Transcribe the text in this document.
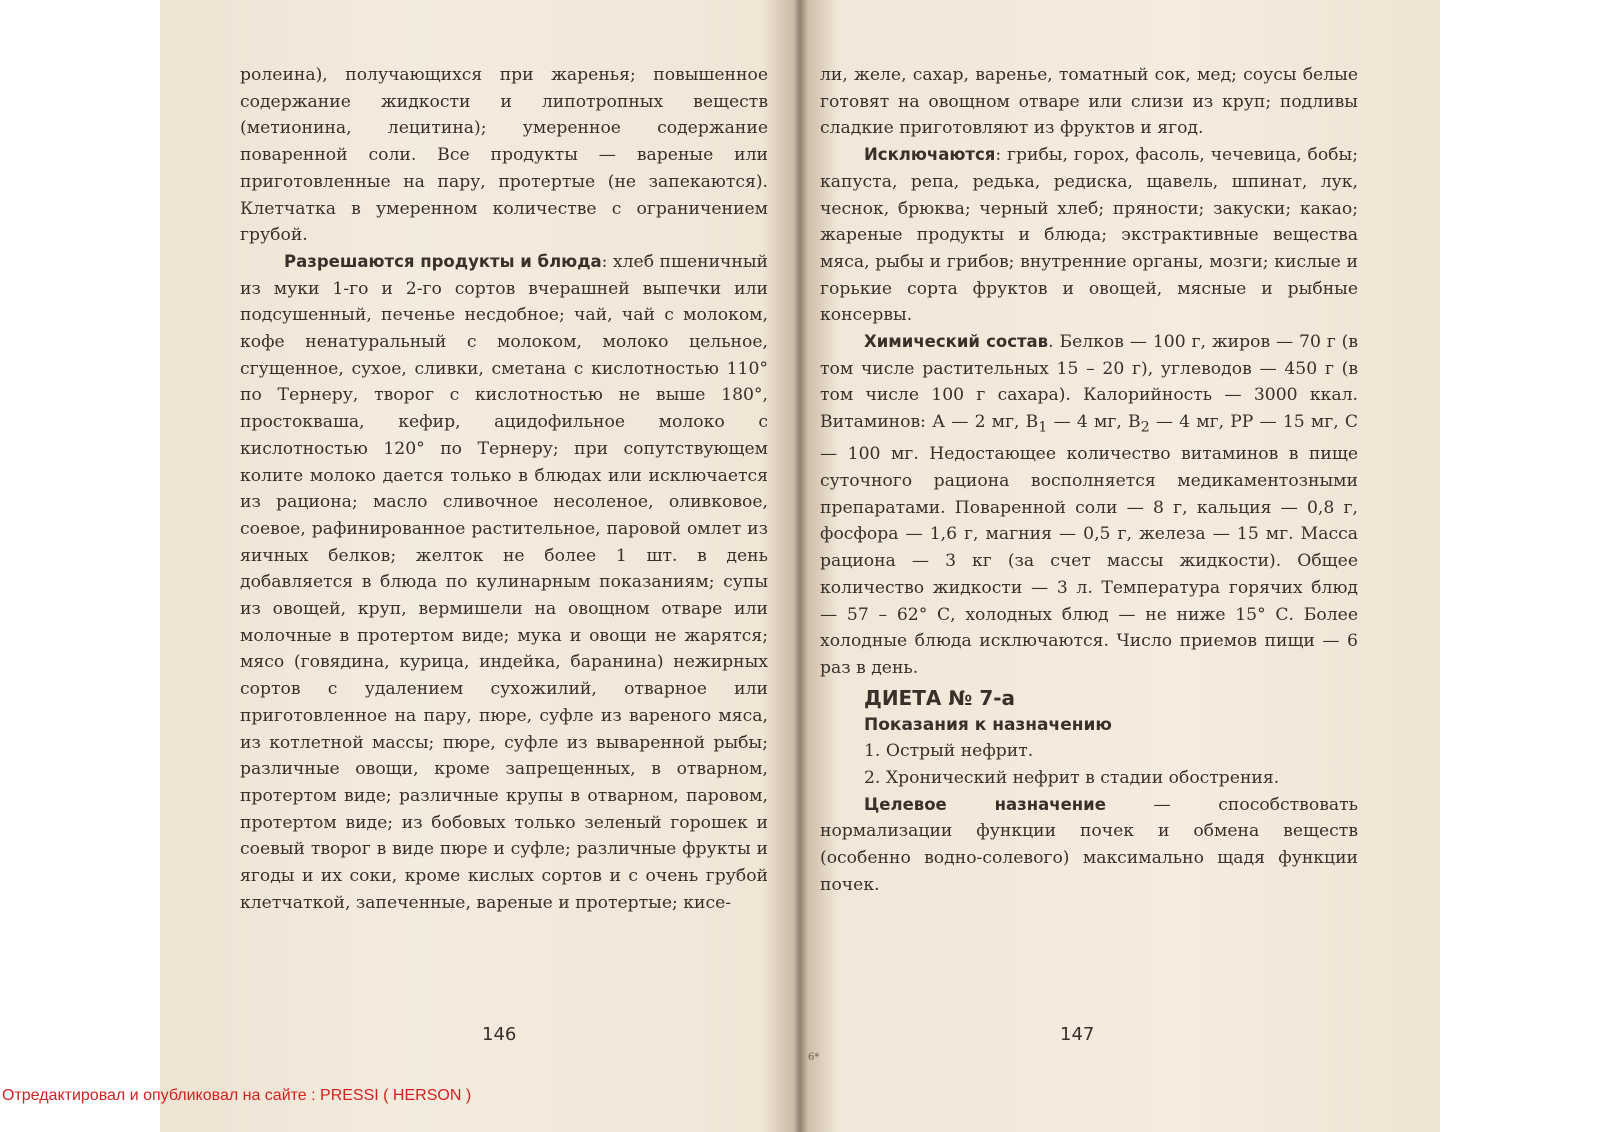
ролеина), получающихся при жаренья; повышенное содержание жидкости и липотропных веществ (метионина, лецитина); умеренное содержание поваренной соли. Все продукты — вареные или приготовленные на пару, протертые (не запекаются). Клетчатка в умеренном количестве с ограничением грубой.

Разрешаются продукты и блюда: хлеб пшеничный из муки 1-го и 2-го сортов вчерашней выпечки или подсушенный, печенье несдобное; чай, чай с молоком, кофе ненатуральный с молоком, молоко цельное, сгущенное, сухое, сливки, сметана с кислотностью 110° по Тернеру, творог с кислотностью не выше 180°, простокваша, кефир, ацидофильное молоко с кислотностью 120° по Тернеру; при сопутствующем колите молоко дается только в блюдах или исключается из рациона; масло сливочное несоленое, оливковое, соевое, рафинированное растительное, паровой омлет из яичных белков; желток не более 1 шт. в день добавляется в блюда по кулинарным показаниям; супы из овощей, круп, вермишели на овощном отваре или молочные в протертом виде; мука и овощи не жарятся; мясо (говядина, курица, индейка, баранина) нежирных сортов с удалением сухожилий, отварное или приготовленное на пару, пюре, суфле из вареного мяса, из котлетной массы; пюре, суфле из вываренной рыбы; различные овощи, кроме запрещенных, в отварном, протертом виде; различные крупы в отварном, паровом, протертом виде; из бобовых только зеленый горошек и соевый творог в виде пюре и суфле; различные фрукты и ягоды и их соки, кроме кислых сортов и с очень грубой клетчаткой, запеченные, вареные и протертые; кисе-

ли, желе, сахар, варенье, томатный сок, мед; соусы белые готовят на овощном отваре или слизи из круп; подливы сладкие приготовляют из фруктов и ягод.

Исключаются: грибы, горох, фасоль, чечевица, бобы; капуста, репа, редька, редиска, щавель, шпинат, лук, чеснок, брюква; черный хлеб; пряности; закуски; какао; жареные продукты и блюда; экстрактивные вещества мяса, рыбы и грибов; внутренние органы, мозги; кислые и горькие сорта фруктов и овощей, мясные и рыбные консервы.

Химический состав. Белков — 100 г, жиров — 70 г (в том числе растительных 15 – 20 г), углеводов — 450 г (в том числе 100 г сахара). Калорийность — 3000 ккал. Витаминов: А — 2 мг, $В_1$ — 4 мг, $В_2$ — 4 мг, РР — 15 мг, С — 100 мг. Недостающее количество витаминов в пище суточного рациона восполняется медикаментозными препаратами. Поваренной соли — 8 г, кальция — 0,8 г, фосфора — 1,6 г, магния — 0,5 г, железа — 15 мг. Масса рациона — 3 кг (за счет массы жидкости). Общее количество жидкости — 3 л. Температура горячих блюд — 57 – 62° С, холодных блюд — не ниже 15° С. Более холодные блюда исключаются. Число приемов пищи — 6 раз в день.

ДИЕТА № 7-а

Показания к назначению

1. Острый нефрит.

2. Хронический нефрит в стадии обострения.

Целевое назначение — способствовать нормализации функции почек и обмена веществ (особенно водно-солевого) максимально щадя функции почек.

146	147
6*
Отредактировал и опубликовал на сайте : PRESSI ( HERSON )
